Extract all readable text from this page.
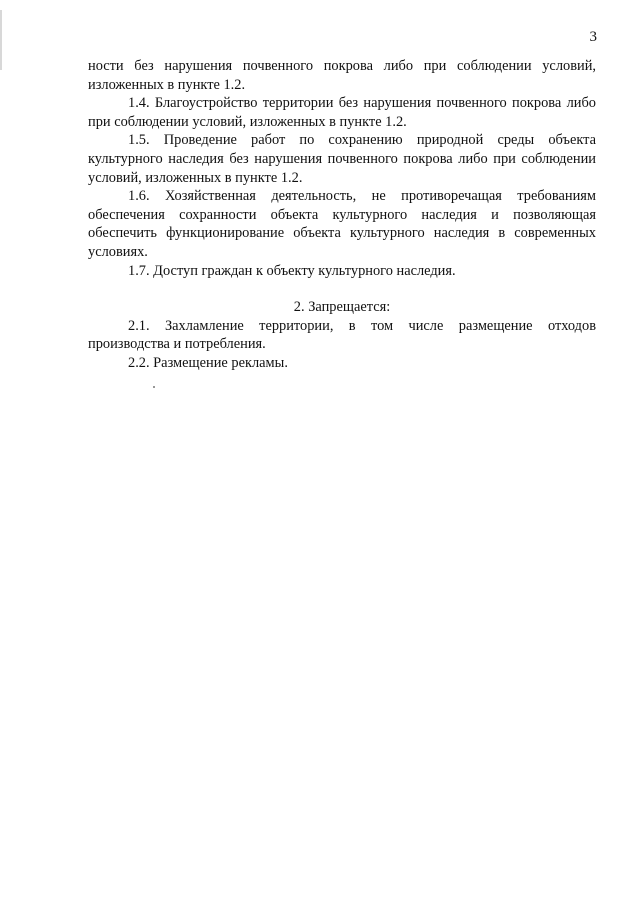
3

ности без нарушения почвенного покрова либо при соблюдении условий, изложенных в пункте 1.2.

1.4. Благоустройство территории без нарушения почвенного покрова либо при соблюдении условий, изложенных в пункте 1.2.

1.5. Проведение работ по сохранению природной среды объекта культурного наследия без нарушения почвенного покрова либо при соблюдении условий, изложенных в пункте 1.2.

1.6. Хозяйственная деятельность, не противоречащая требованиям обеспечения сохранности объекта культурного наследия и позволяющая обеспечить функционирование объекта культурного наследия в современных условиях.

1.7. Доступ граждан к объекту культурного наследия.

2. Запрещается:

2.1. Захламление территории, в том числе размещение отходов производства и потребления.

2.2. Размещение рекламы.
